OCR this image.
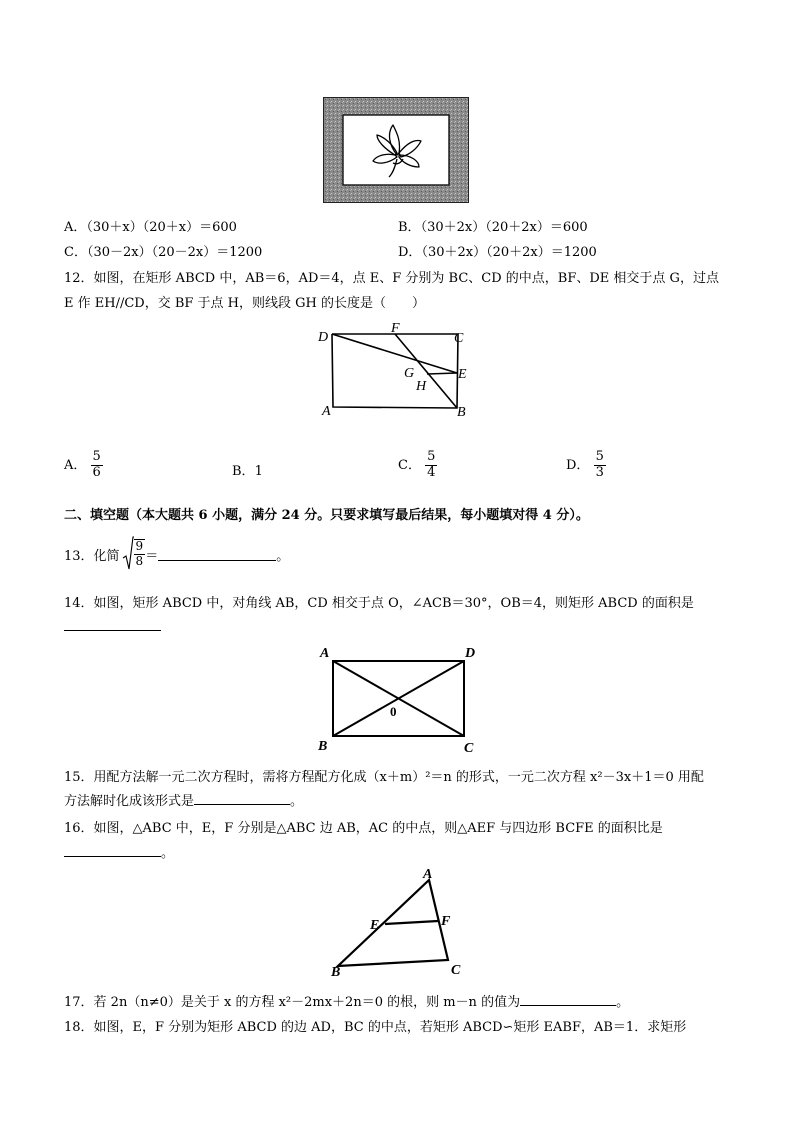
A．（30＋x）（20＋x）＝600	B．（30＋2x）（20＋2x）＝600
C．（30－2x）（20－2x）＝1200	D．（30＋2x）（20＋2x）＝1200
12．如图，在矩形 ABCD 中，AB＝6，AD＝4，点 E、F 分别为 BC、CD 的中点，BF、DE 相交于点 G，过点
E 作 EH//CD，交 BF 于点 H，则线段 GH 的长度是（　　）
D
F
C
G	E
H
A	B
A． $\frac{5}{6}$	B．1	C． $\frac{5}{4}$	D． $\frac{5}{3}$
二、填空题（本大题共 6 小题，满分 24 分。只要求填写最后结果，每小题填对得 4 分）。
13．化简 $\frac{9}{8}$ ＝	。
14．如图，矩形 ABCD 中，对角线 AB，CD 相交于点 O，∠ACB＝30°，OB＝4，则矩形 ABCD 的面积是
A	D
B	C
0
15．用配方法解一元二次方程时，需将方程配方化成（x＋m）²＝n 的形式，一元二次方程 x²－3x＋1＝0 用配
方法解时化成该形式是	。
16．如图，△ABC 中，E，F 分别是△ABC 边 AB，AC 的中点，则△AEF 与四边形 BCFE 的面积比是
。
A
E	F
B	C
17．若 2n（n≠0）是关于 x 的方程 x²－2mx＋2n＝0 的根，则 m－n 的值为	。
18．如图，E，F 分别为矩形 ABCD 的边 AD，BC 的中点，若矩形 ABCD∽矩形 EABF，AB＝1．求矩形
